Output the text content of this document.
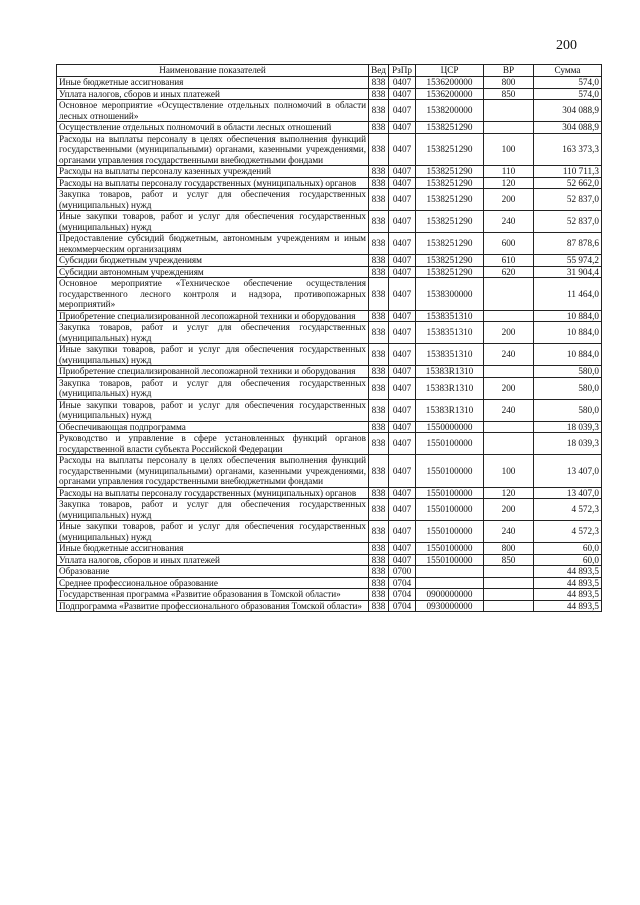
200
Наименование показателей	Вед	РзПр	ЦСР	ВР	Сумма
Иные бюджетные ассигнования	838	0407	1536200000	800	574,0
Уплата налогов, сборов и иных платежей	838	0407	1536200000	850	574,0
Основное мероприятие «Осуществление отдельных полномочий в области лесных отношений»	838	0407	1538200000		304 088,9
Осуществление отдельных полномочий в области лесных отношений	838	0407	1538251290		304 088,9
Расходы на выплаты персоналу в целях обеспечения выполнения функций государственными (муниципальными) органами, казенными учреждениями, органами управления государственными внебюджетными фондами	838	0407	1538251290	100	163 373,3
Расходы на выплаты персоналу казенных учреждений	838	0407	1538251290	110	110 711,3
Расходы на выплаты персоналу государственных (муниципальных) органов	838	0407	1538251290	120	52 662,0
Закупка товаров, работ и услуг для обеспечения государственных (муниципальных) нужд	838	0407	1538251290	200	52 837,0
Иные закупки товаров, работ и услуг для обеспечения государственных (муниципальных) нужд	838	0407	1538251290	240	52 837,0
Предоставление субсидий бюджетным, автономным учреждениям и иным некоммерческим организациям	838	0407	1538251290	600	87 878,6
Субсидии бюджетным учреждениям	838	0407	1538251290	610	55 974,2
Субсидии автономным учреждениям	838	0407	1538251290	620	31 904,4
Основное мероприятие «Техническое обеспечение осуществления государственного лесного контроля и надзора, противопожарных мероприятий»	838	0407	1538300000		11 464,0
Приобретение специализированной лесопожарной техники и оборудования	838	0407	1538351310		10 884,0
Закупка товаров, работ и услуг для обеспечения государственных (муниципальных) нужд	838	0407	1538351310	200	10 884,0
Иные закупки товаров, работ и услуг для обеспечения государственных (муниципальных) нужд	838	0407	1538351310	240	10 884,0
Приобретение специализированной лесопожарной техники и оборудования	838	0407	15383R1310		580,0
Закупка товаров, работ и услуг для обеспечения государственных (муниципальных) нужд	838	0407	15383R1310	200	580,0
Иные закупки товаров, работ и услуг для обеспечения государственных (муниципальных) нужд	838	0407	15383R1310	240	580,0
Обеспечивающая подпрограмма	838	0407	1550000000		18 039,3
Руководство и управление в сфере установленных функций органов государственной власти субъекта Российской Федерации	838	0407	1550100000		18 039,3
Расходы на выплаты персоналу в целях обеспечения выполнения функций государственными (муниципальными) органами, казенными учреждениями, органами управления государственными внебюджетными фондами	838	0407	1550100000	100	13 407,0
Расходы на выплаты персоналу государственных (муниципальных) органов	838	0407	1550100000	120	13 407,0
Закупка товаров, работ и услуг для обеспечения государственных (муниципальных) нужд	838	0407	1550100000	200	4 572,3
Иные закупки товаров, работ и услуг для обеспечения государственных (муниципальных) нужд	838	0407	1550100000	240	4 572,3
Иные бюджетные ассигнования	838	0407	1550100000	800	60,0
Уплата налогов, сборов и иных платежей	838	0407	1550100000	850	60,0
Образование	838	0700			44 893,5
Среднее профессиональное образование	838	0704			44 893,5
Государственная программа «Развитие образования в Томской области»	838	0704	0900000000		44 893,5
Подпрограмма «Развитие профессионального образования Томской области»	838	0704	0930000000		44 893,5
